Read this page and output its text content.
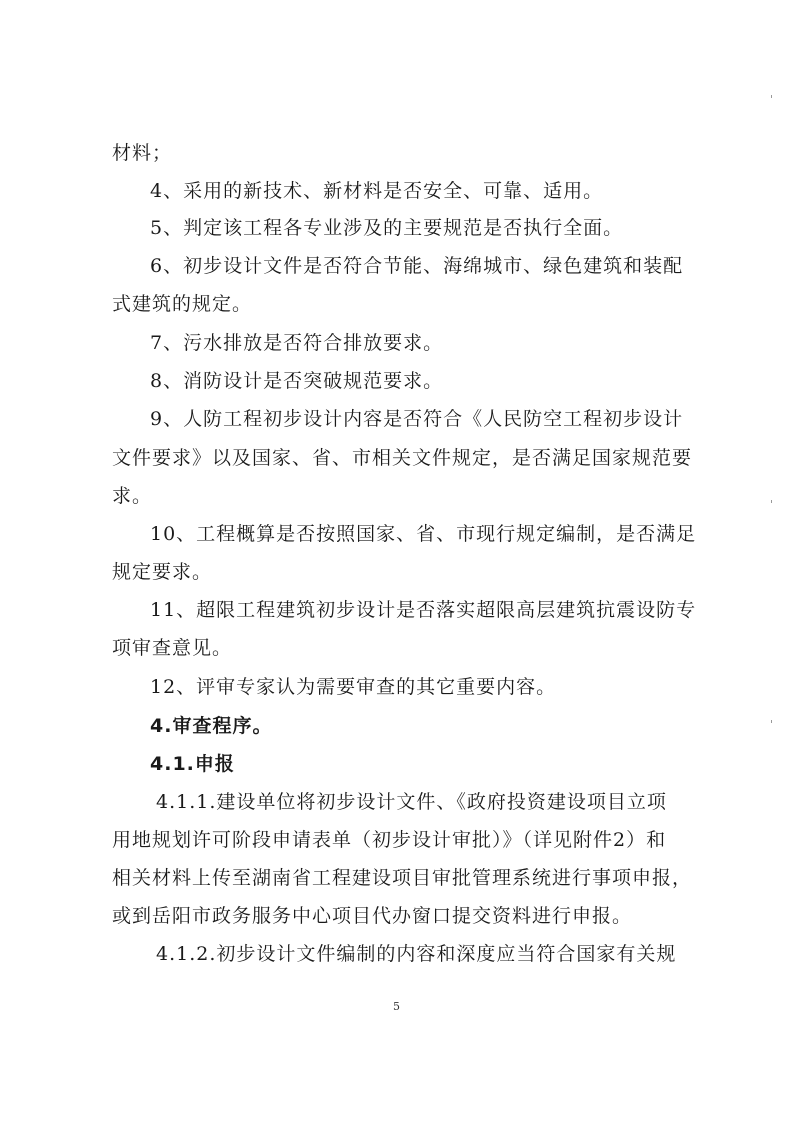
材料；
4、采用的新技术、新材料是否安全、可靠、适用。
5、判定该工程各专业涉及的主要规范是否执行全面。
6、初步设计文件是否符合节能、海绵城市、绿色建筑和装配
式建筑的规定。
7、污水排放是否符合排放要求。
8、消防设计是否突破规范要求。
9、人防工程初步设计内容是否符合《人民防空工程初步设计
文件要求》以及国家、省、市相关文件规定，是否满足国家规范要
求。
10、工程概算是否按照国家、省、市现行规定编制，是否满足
规定要求。
11、超限工程建筑初步设计是否落实超限高层建筑抗震设防专
项审查意见。
12、评审专家认为需要审查的其它重要内容。
4.审查程序。
4.1.申报
4.1.1.建设单位将初步设计文件、《政府投资建设项目立项
用地规划许可阶段申请表单（初步设计审批）》（详见附件2）和
相关材料上传至湖南省工程建设项目审批管理系统进行事项申报，
或到岳阳市政务服务中心项目代办窗口提交资料进行申报。
4.1.2.初步设计文件编制的内容和深度应当符合国家有关规
5
